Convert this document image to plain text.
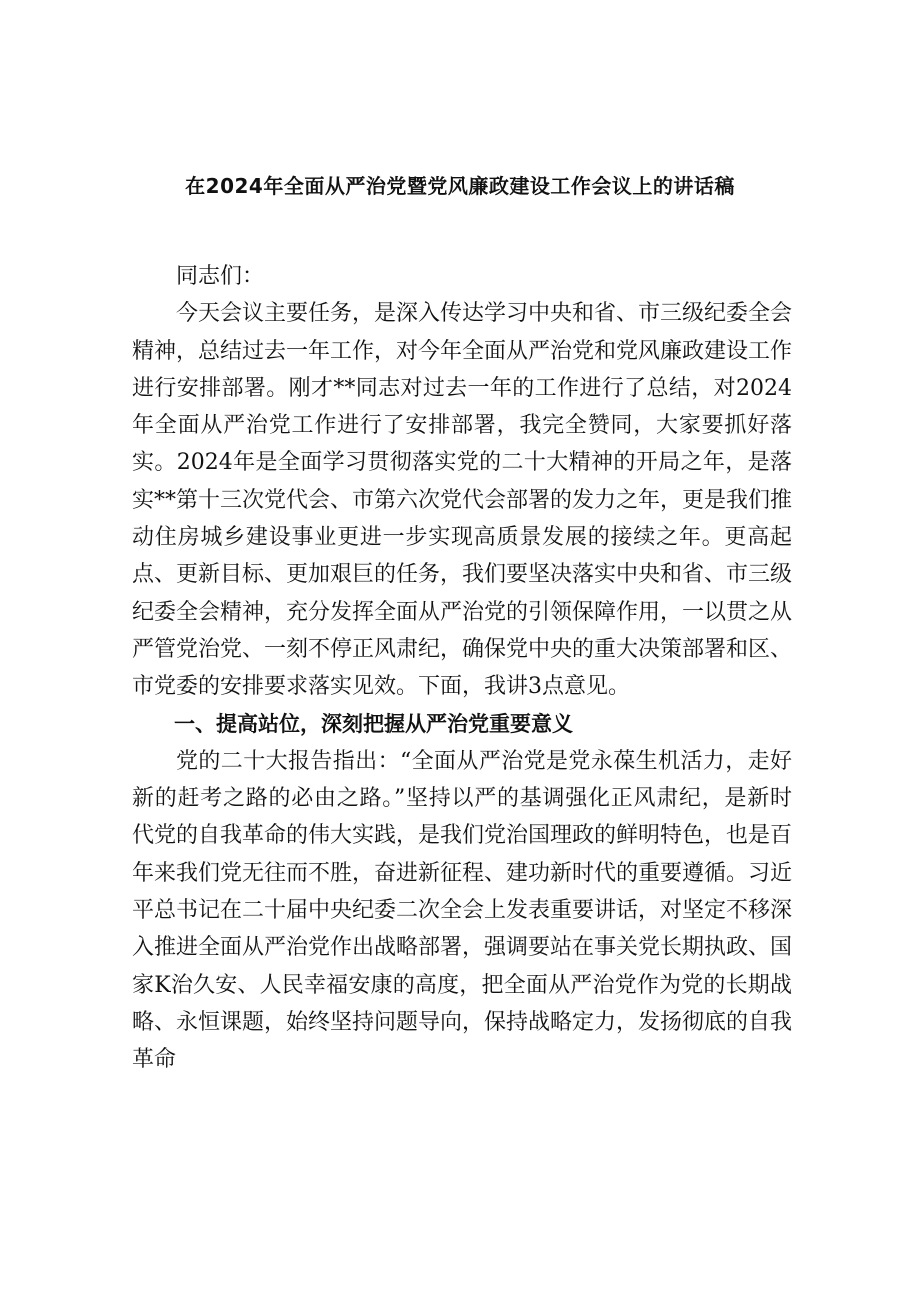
在2024年全面从严治党暨党风廉政建设工作会议上的讲话稿

同志们：

今天会议主要任务，是深入传达学习中央和省、市三级纪委全会精神，总结过去一年工作，对今年全面从严治党和党风廉政建设工作进行安排部署。刚才**同志对过去一年的工作进行了总结，对2024年全面从严治党工作进行了安排部署，我完全赞同，大家要抓好落实。2024年是全面学习贯彻落实党的二十大精神的开局之年，是落实**第十三次党代会、市第六次党代会部署的发力之年，更是我们推动住房城乡建设事业更进一步实现高质景发展的接续之年。更高起点、更新目标、更加艰巨的任务，我们要坚决落实中央和省、市三级纪委全会精神，充分发挥全面从严治党的引领保障作用，一以贯之从严管党治党、一刻不停正风肃纪，确保党中央的重大决策部署和区、市党委的安排要求落实见效。下面，我讲3点意见。

一、提高站位，深刻把握从严治党重要意义

党的二十大报告指出：“全面从严治党是党永葆生机活力，走好新的赶考之路的必由之路。”坚持以严的基调强化正风肃纪，是新时代党的自我革命的伟大实践，是我们党治国理政的鲜明特色，也是百年来我们党无往而不胜，奋进新征程、建功新时代的重要遵循。习近平总书记在二十届中央纪委二次全会上发表重要讲话，对坚定不移深入推进全面从严治党作出战略部署，强调要站在事关党长期执政、国家K治久安、人民幸福安康的高度，把全面从严治党作为党的长期战略、永恒课题，始终坚持问题导向，保持战略定力，发扬彻底的自我革命
